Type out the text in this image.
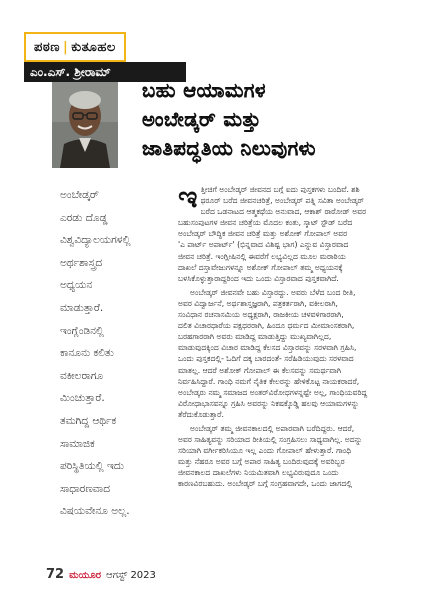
ಪಠಣ | ಕುತೂಹಲ
ಎಂ.ಎಸ್. ಶ್ರೀರಾಮ್
ಬಹು ಆಯಾಮಗಳ
ಅಂಬೇಡ್ಕರ್ ಮತ್ತು
ಜಾತಿಪದ್ಧತಿಯ ನಿಲುವುಗಳು
ಅಂಬೇಡ್ಕರ್
ಎರಡು ದೊಡ್ಡ
ವಿಶ್ವವಿದ್ಯಾಲಯಗಳಲ್ಲಿ
ಅರ್ಥಶಾಸ್ತ್ರದ
ಅಧ್ಯಯನ
ಮಾಡುತ್ತಾರೆ.
ಇಂಗ್ಲೆಂಡಿನಲ್ಲಿ
ಕಾನೂನು ಕಲಿತು
ವಕೀಲರಾಗೂ
ಮಿಂಚುತ್ತಾರೆ.
ತಮಗಿದ್ದ ಆರ್ಥಿಕ
ಸಾಮಾಜಿಕ
ಪರಿಸ್ಥಿತಿಯಲ್ಲಿ ಇದು
ಸಾಧಾರಣವಾದ
ವಿಷಯವೇನೂ ಅಲ್ಲ.

ಇ ತ್ತೀಚಿಗೆ ಅಂಬೇಡ್ಕರ್ ಜೀವನದ ಬಗ್ಗೆ ಐದು ಪುಸ್ತಕಗಳು ಬಂದಿವೆ. ಶಶಿ
ಥರೂರ್ ಬರೆದ ಜೀವನಚರಿತ್ರೆ, ಅಂಬೇಡ್ಕರ್ ಪತ್ನಿ ಸವಿತಾ ಅಂಬೇಡ್ಕರ್
ಬರೆದ ಒಡನಾಟದ ಆತ್ಮಕಥೆಯ ಅನುವಾದ, ಆಕಾಶ್ ರಾಠೋಡ್ ಅವರ
ಬಹುಸಂಪುಟಗಳ ಜೀವನ ಚರಿತ್ರೆಯ ಮೊದಲ ಕಂತು, ಸ್ಕಾಟ್ ಸ್ಟೌಡ್ ಬರೆದ
ಅಂಬೇಡ್ಕರ್ ಬೌದ್ಧಿಕ ಜೀವನ ಚರಿತ್ರೆ ಮತ್ತು ಅಶೋಕ್ ಗೋಪಾಲ್ ಅವರ
'ಎ ಪಾರ್ಟ್ ಅಪಾರ್ಟ್' (ಭಿನ್ನವಾದ ವಿಶಿಷ್ಟ ಭಾಗ) ಎನ್ನುವ ವಿಸ್ತಾರವಾದ
ಜೀವನ ಚರಿತ್ರೆ. ಇಂಗ್ಲೀಷಿನಲ್ಲಿ ಈವರೆಗೆ ಲಭ್ಯವಿಲ್ಲದ ಮೂಲ ಮರಾಠಿಯ
ದಾಖಲೆ ದಸ್ತಾವೇಜುಗಳನ್ನೂ ಅಶೋಕ್ ಗೋಪಾಲ್ ತಮ್ಮ ಅಧ್ಯಯನಕ್ಕೆ
ಬಳಸಿಕೊಳ್ಳುತ್ತಾರಾದ್ದರಿಂದ ಇದು ಒಂದು ವಿಸ್ತಾರವಾದ ಪುಸ್ತಕವಾಗಿದೆ.

ಅಂಬೇಡ್ಕರ್ ಜೀವನವೇ ಬಹು ವಿಸ್ತಾರದ್ದು. ಅವರು ಬೆಳೆದ ಬಂದ ರೀತಿ,
ಅವರ ವಿದ್ವಾರ್ಜನೆ, ಅರ್ಥಶಾಸ್ತ್ರಜ್ಞರಾಗಿ, ಪತ್ರಕರ್ತರಾಗಿ, ವಕೀಲರಾಗಿ,
ಸಂವಿಧಾನ ರಚನಾಸಮಿಯ ಅಧ್ಯಕ್ಷರಾಗಿ, ರಾಜಕೀಯ ಚಳವಳಿಗಾರರಾಗಿ,
ದಲಿತ ವಿಚಾರಧಾರೆಯ ಪಕ್ಷಧರರಾಗಿ, ಹಿಂದೂ ಧರ್ಮದ ಮೀಮಾಂಸಕರಾಗಿ,
ಬರಹಗಾರರಾಗಿ ಅವರು ಮಾಡಿದ್ದ ಮಾಡುತ್ತಿದ್ದು ಮುಖ್ಯವಾಗಿಲ್ಲದ,
ಮಾಡುವುದಕ್ಕಿಂದ ವಿಚಾರ ಮಾಡಿದ್ದ ಕೆಲಸದ ವಿಸ್ತಾರವನ್ನು ಸರಳವಾಗಿ ಗ್ರಹಿಸಿ,
ಒಂದು ಪುಸ್ತಕದಲ್ಲಿ- ಓದಿಗೆ ದಕ್ಕ ಬಾರದಂತೆ- ಸರೆಹಿಡಿಯುವುದು ಸರಳವಾದ
ಮಾತಲ್ಲ. ಆದರೆ ಅಶೋಕ್ ಗೋಪಾಲ್ ಈ ಕೆಲಸವನ್ನು ಸಮರ್ಥವಾಗಿ
ನಿರ್ವಹಿಸಿದ್ದಾರೆ. ಗಾಂಧಿ ನಮಗೆ ನೈತಿಕ ಕೇಲರನ್ನು ಹೇಳಿಕೊಟ್ಟ ನಾಯಕರಾದರೆ,
ಅಂಬೇಡ್ಕರು ನಮ್ಮ ಸಮಾಜದ ಅಂತರ್‌ವಿರೋಧಗಳನ್ನಷ್ಟೇ ಅಲ್ಲ, ಗಾಂಧಿಯವರಿದ್ದ
ವಿರೋಧಾಭಾಸವನ್ನೂ ಗ್ರಹಿಸಿ ಅವರನ್ನು ನಿಕಷಕ್ಕೊಡ್ಡಿ ಹಲವು ಆಯಾಮಗಳನ್ನು
ತೆರೆದುಕೊಡುತ್ತಾರೆ.

ಅಂಬೇಡ್ಕರ್ ತಮ್ಮ ಜೀವನಕಾಲದಲ್ಲಿ ಅಪಾರವಾಗಿ ಬರೆದಿದ್ದರು. ಆದರೆ,
ಅವರ ಸಾಹಿತ್ಯವನ್ನು ಸರಿಯಾದ ರೀತಿಯಲ್ಲಿ ಸಂಗ್ರಹಿಸಲು ಸಾಧ್ಯವಾಗಿಲ್ಲ. ಅದನ್ನು
ಸರಿಯಾಗಿ ವರ್ಗೀಕರಿಸಿಯೂ ಇಲ್ಲ ಎಂದು ಗೋಪಾಲ್ ಹೇಳುತ್ತಾರೆ. ಗಾಂಧಿ
ಮತ್ತು ನೆಹರೂ ಅವರ ಬಗ್ಗೆ ಅಪಾರ ಸಾಹಿತ್ಯ ಬಂದಿರುವುದಕ್ಕೆ ಅವರಿಬ್ಬರ
ಜೀವನಕಾಲದ ದಾಖಲೆಗಳು ನಿಯಮಿತವಾಗಿ ಲಭ್ಯವಿರುವುದೂ ಒಂದು
ಕಾರಣವಿರಬಹುದು. ಅಂಬೇಡ್ಕರ್ ಬಗ್ಗೆ ಸಂಗ್ರಹವಾಗದೇ, ಒಂದು ಜಾಗದಲ್ಲಿ

72 ಮಯೂರ ಆಗಸ್ಟ್ 2023
